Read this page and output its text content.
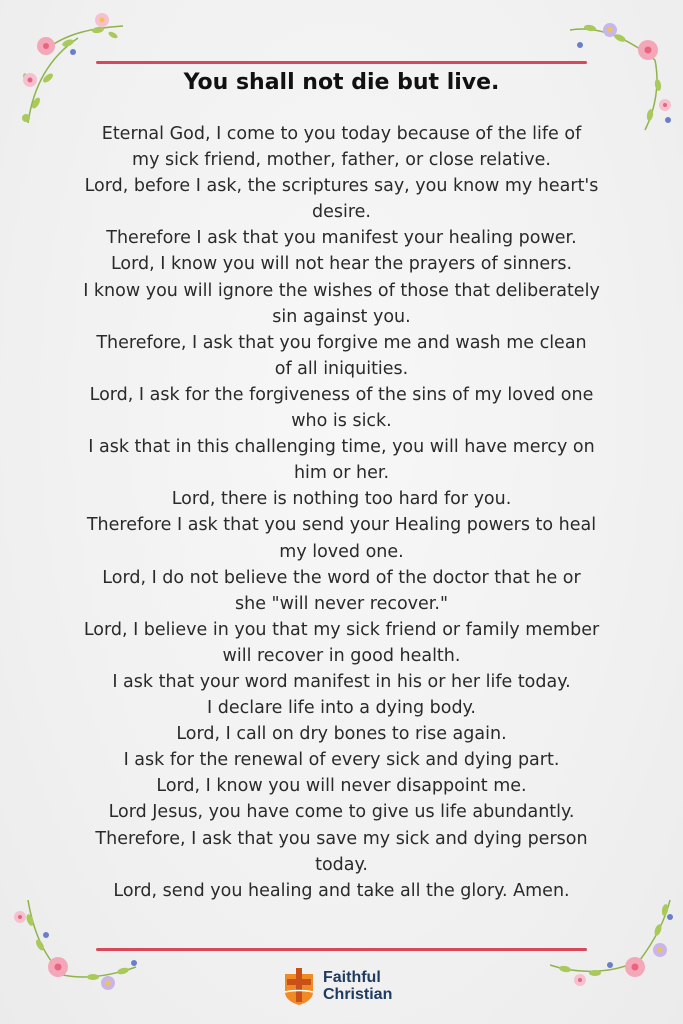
You shall not die but live.
Eternal God, I come to you today because of the life of
my sick friend, mother, father, or close relative.
Lord, before I ask, the scriptures say, you know my heart's
desire.
Therefore I ask that you manifest your healing power.
Lord, I know you will not hear the prayers of sinners.
I know you will ignore the wishes of those that deliberately
sin against you.
Therefore, I ask that you forgive me and wash me clean
of all iniquities.
Lord, I ask for the forgiveness of the sins of my loved one
who is sick.
I ask that in this challenging time, you will have mercy on
him or her.
Lord, there is nothing too hard for you.
Therefore I ask that you send your Healing powers to heal
my loved one.
Lord, I do not believe the word of the doctor that he or
she "will never recover."
Lord, I believe in you that my sick friend or family member
will recover in good health.
I ask that your word manifest in his or her life today.
I declare life into a dying body.
Lord, I call on dry bones to rise again.
I ask for the renewal of every sick and dying part.
Lord, I know you will never disappoint me.
Lord Jesus, you have come to give us life abundantly.
Therefore, I ask that you save my sick and dying person
today.
Lord, send you healing and take all the glory. Amen.
Faithful
Christian
